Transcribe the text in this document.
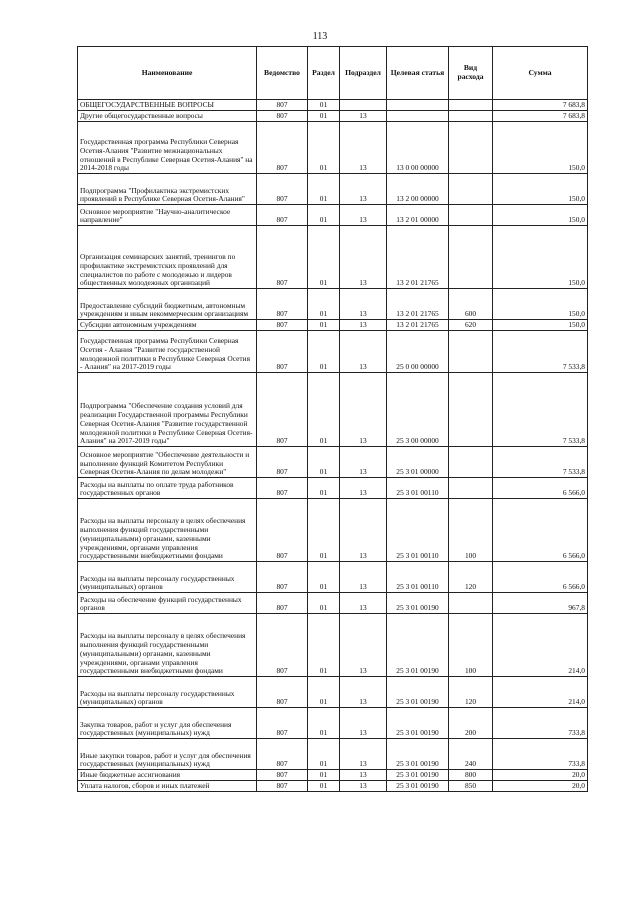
113
Наименование	Ведомство	Раздел	Подраздел	Целевая статья	Вид расхода	Сумма
ОБЩЕГОСУДАРСТВЕННЫЕ ВОПРОСЫ	807	01				7 683,8
Другие общегосударственные вопросы	807	01	13			7 683,8
Государственная программа Республики Северная Осетия-Алания "Развитие межнациональных отношений в Республике Северная Осетия-Алания" на 2014-2018 годы	807	01	13	13 0 00 00000		150,0
Подпрограмма "Профилактика экстремистских проявлений в Республике Северная Осетия-Алания"	807	01	13	13 2 00 00000		150,0
Основное мероприятие "Научно-аналитическое направление"	807	01	13	13 2 01 00000		150,0
Организация семинарских занятий, тренингов по профилактике экстремистских проявлений для специалистов по работе с молодежью и лидеров общественных молодежных организаций	807	01	13	13 2 01 21765		150,0
Предоставление субсидий бюджетным, автономным учреждениям и иным некоммерческим организациям	807	01	13	13 2 01 21765	600	150,0
Субсидии автономным учреждениям	807	01	13	13 2 01 21765	620	150,0
Государственная программа Республики Северная Осетия - Алания "Развитие государственной молодежной политики в Республике Северная Осетия - Алания" на 2017-2019 годы	807	01	13	25 0 00 00000		7 533,8
Подпрограмма "Обеспечение создания условий для реализации Государственной программы Республики Северная Осетия-Алания "Развитие государственной молодежной политики в Республике Северная Осетия-Алания" на 2017-2019 годы"	807	01	13	25 3 00 00000		7 533,8
Основное мероприятие "Обеспечение деятельности и выполнение функций Комитетом Республики Северная Осетия-Алания по делам молодежи"	807	01	13	25 3 01 00000		7 533,8
Расходы на выплаты по оплате труда работников государственных органов	807	01	13	25 3 01 00110		6 566,0
Расходы на выплаты персоналу в целях обеспечения выполнения функций государственными (муниципальными) органами, казенными учреждениями, органами управления государственными внебюджетными фондами	807	01	13	25 3 01 00110	100	6 566,0
Расходы на выплаты персоналу государственных (муниципальных) органов	807	01	13	25 3 01 00110	120	6 566,0
Расходы на обеспечение функций государственных органов	807	01	13	25 3 01 00190		967,8
Расходы на выплаты персоналу в целях обеспечения выполнения функций государственными (муниципальными) органами, казенными учреждениями, органами управления государственными внебюджетными фондами	807	01	13	25 3 01 00190	100	214,0
Расходы на выплаты персоналу государственных (муниципальных) органов	807	01	13	25 3 01 00190	120	214,0
Закупка товаров, работ и услуг для обеспечения государственных (муниципальных) нужд	807	01	13	25 3 01 00190	200	733,8
Иные закупки товаров, работ и услуг для обеспечения государственных (муниципальных) нужд	807	01	13	25 3 01 00190	240	733,8
Иные бюджетные ассигнования	807	01	13	25 3 01 00190	800	20,0
Уплата налогов, сборов и иных платежей	807	01	13	25 3 01 00190	850	20,0
